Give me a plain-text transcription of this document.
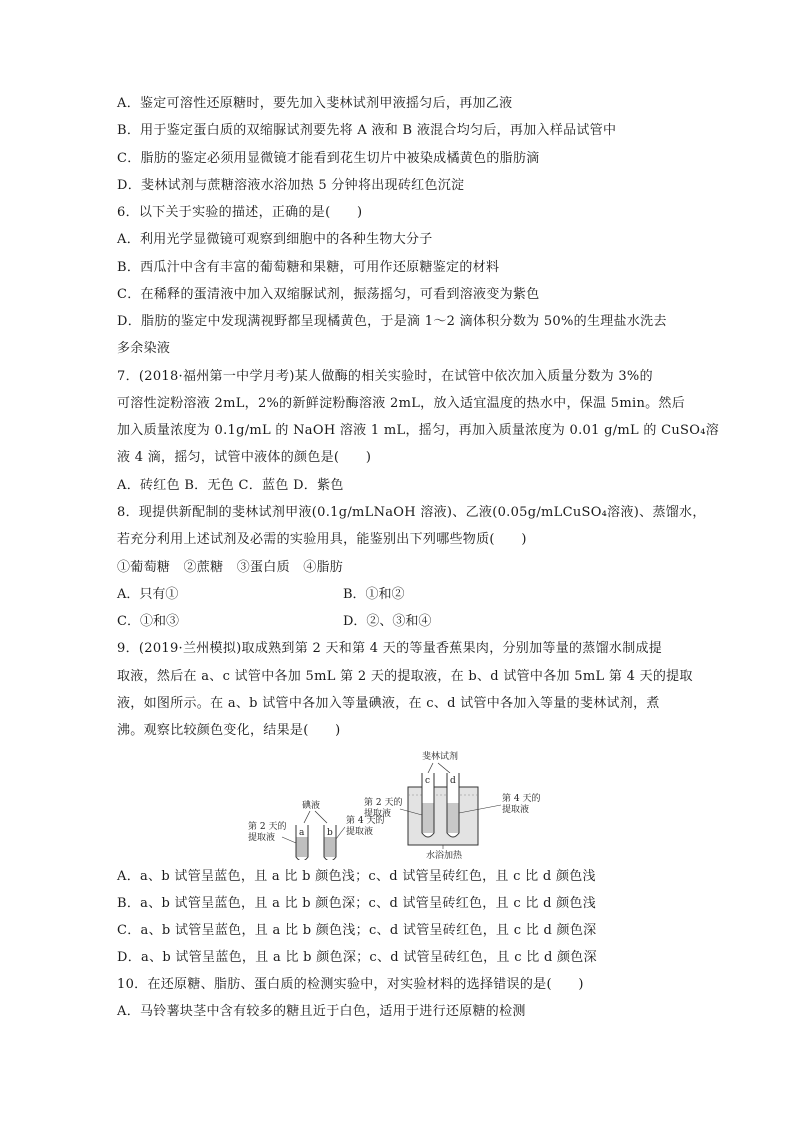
A．鉴定可溶性还原糖时，要先加入斐林试剂甲液摇匀后，再加乙液
B．用于鉴定蛋白质的双缩脲试剂要先将 A 液和 B 液混合均匀后，再加入样品试管中
C．脂肪的鉴定必须用显微镜才能看到花生切片中被染成橘黄色的脂肪滴
D．斐林试剂与蔗糖溶液水浴加热 5 分钟将出现砖红色沉淀
6．以下关于实验的描述，正确的是(　　)
A．利用光学显微镜可观察到细胞中的各种生物大分子
B．西瓜汁中含有丰富的葡萄糖和果糖，可用作还原糖鉴定的材料
C．在稀释的蛋清液中加入双缩脲试剂，振荡摇匀，可看到溶液变为紫色
D．脂肪的鉴定中发现满视野都呈现橘黄色，于是滴 1～2 滴体积分数为 50%的生理盐水洗去
多余染液
7．(2018·福州第一中学月考)某人做酶的相关实验时，在试管中依次加入质量分数为 3%的
可溶性淀粉溶液 2mL，2%的新鲜淀粉酶溶液 2mL，放入适宜温度的热水中，保温 5min。然后
加入质量浓度为 0.1g/mL 的 NaOH 溶液 1 mL，摇匀，再加入质量浓度为 0.01 g/mL 的 CuSO₄溶
液 4 滴，摇匀，试管中液体的颜色是(　　)
A．砖红色 B．无色 C．蓝色 D．紫色
8．现提供新配制的斐林试剂甲液(0.1g/mLNaOH 溶液)、乙液(0.05g/mLCuSO₄溶液)、蒸馏水，
若充分利用上述试剂及必需的实验用具，能鉴别出下列哪些物质(　　)
①葡萄糖　②蔗糖　③蛋白质　④脂肪
A．只有①	B．①和②
C．①和③	D．②、③和④
9．(2019·兰州模拟)取成熟到第 2 天和第 4 天的等量香蕉果肉，分别加等量的蒸馏水制成提
取液，然后在 a、c 试管中各加 5mL 第 2 天的提取液，在 b、d 试管中各加 5mL 第 4 天的提取
液，如图所示。在 a、b 试管中各加入等量碘液，在 c、d 试管中各加入等量的斐林试剂，煮
沸。观察比较颜色变化，结果是(　　)
碘液
a	b
第 2 天的
提取液
第 4 天的
提取液
斐林试剂
c d
第 2 天的
提取液
第 4 天的
提取液
水浴加热
A．a、b 试管呈蓝色，且 a 比 b 颜色浅；c、d 试管呈砖红色，且 c 比 d 颜色浅
B．a、b 试管呈蓝色，且 a 比 b 颜色深；c、d 试管呈砖红色，且 c 比 d 颜色浅
C．a、b 试管呈蓝色，且 a 比 b 颜色浅；c、d 试管呈砖红色，且 c 比 d 颜色深
D．a、b 试管呈蓝色，且 a 比 b 颜色深；c、d 试管呈砖红色，且 c 比 d 颜色深
10．在还原糖、脂肪、蛋白质的检测实验中，对实验材料的选择错误的是(　　)
A．马铃薯块茎中含有较多的糖且近于白色，适用于进行还原糖的检测
